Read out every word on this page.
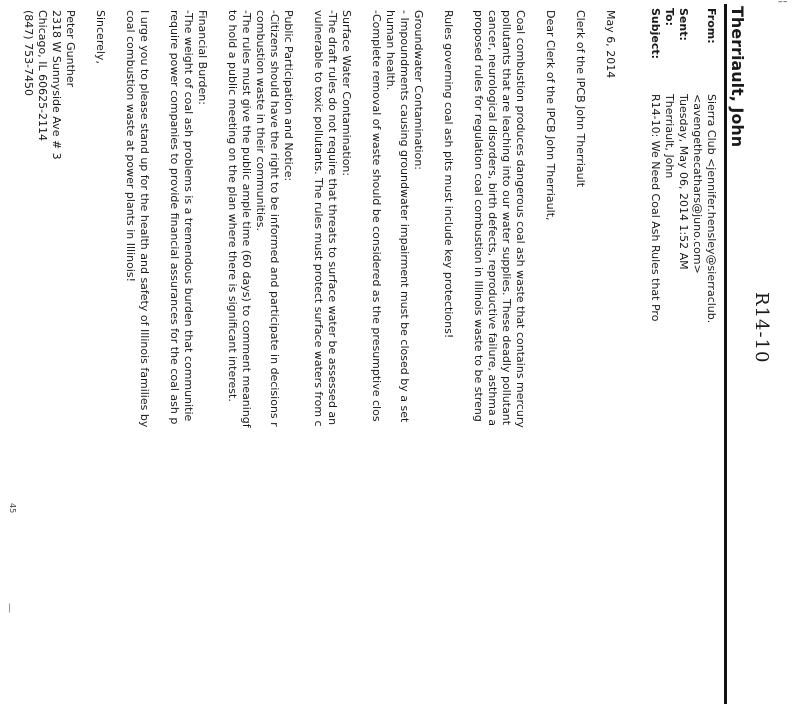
¦
—
R14-10
Therriault, John
From:Sierra Club <jennifer.hensley@sierraclub.
<avengethecathars@juno.com>
Sent:Tuesday, May 06, 2014 1:52 AM
To:Therriault, John
Subject:R14-10: We Need Coal Ash Rules that Pro
May 6, 2014
Clerk of the IPCB John Therriault
Dear Clerk of the IPCB John Therriault,
Coal combustion produces dangerous coal ash waste that contains mercury
pollutants that are leaching into our water supplies. These deadly pollutant
cancer, neurological disorders, birth defects, reproductive failure, asthma a
proposed rules for regulation coal combustion in Illinois waste to be streng
Rules governing coal ash pits must include key protections!
Groundwater Contamination:
- Impoundments causing groundwater impairment must be closed by a set
human health.
-Complete removal of waste should be considered as the presumptive clos
Surface Water Contamination:
-The draft rules do not require that threats to surface water be assessed an
vulnerable to toxic pollutants. The rules must protect surface waters from c
Public Participation and Notice:
-Citizens should have the right to be informed and participate in decisions r
combustion waste in their communities.
-The rules must give the public ample time (60 days) to comment meaningf
to hold a public meeting on the plan where there is significant interest.
Financial Burden:
-The weight of coal ash problems is a tremendous burden that communitie
require power companies to provide financial assurances for the coal ash p
I urge you to please stand up for the health and safety of Illinois families by
coal combustion waste at power plants in Illinois!
Sincerely,
Peter Gunther
2318 W Sunnyside Ave # 3
Chicago, IL 60625-2114
(847) 753-7450
45
